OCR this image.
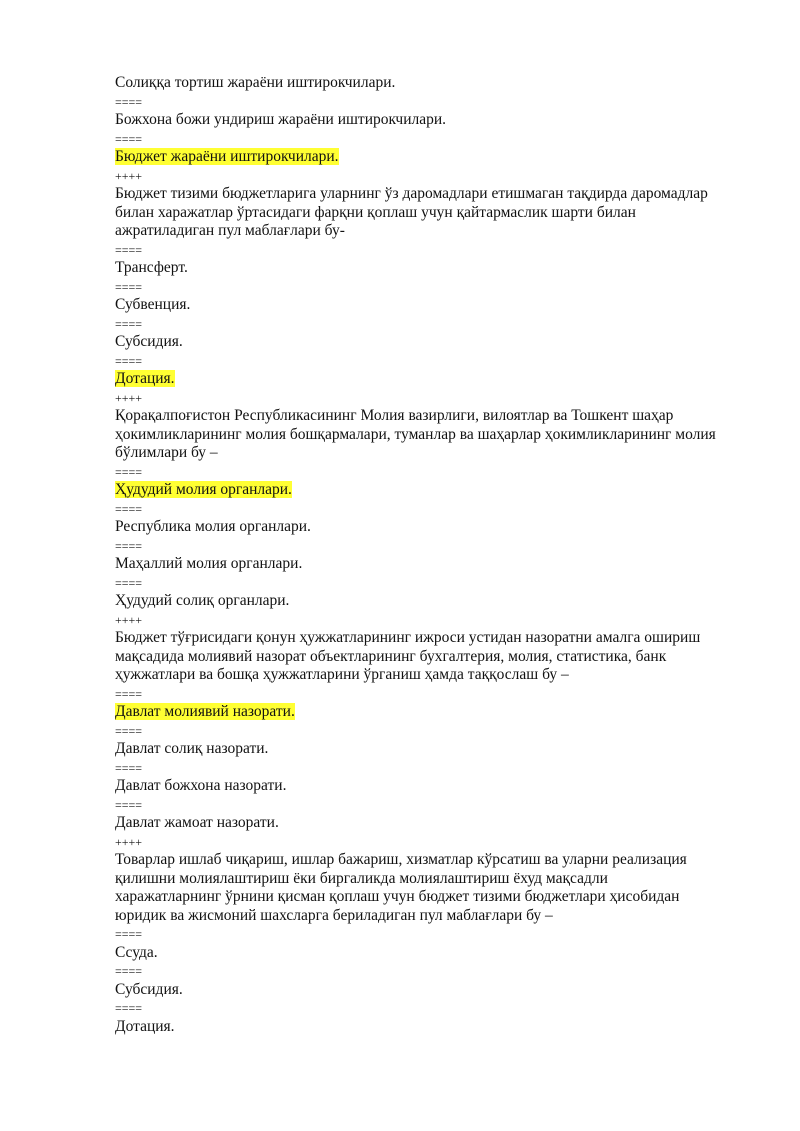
Солиққа тортиш жараёни иштирокчилари.
====
Божхона божи ундириш жараёни иштирокчилари.
====
Бюджет жараёни иштирокчилари.
++++
Бюджет тизими бюджетларига уларнинг ўз даромадлари етишмаган тақдирда даромадлар
билан харажатлар ўртасидаги фарқни қоплаш учун қайтармаслик шарти билан
ажратиладиган пул маблағлари бу-
====
Трансферт.
====
Субвенция.
====
Субсидия.
====
Дотация.
++++
Қорақалпоғистон Республикасининг Молия вазирлиги, вилоятлар ва Тошкент шаҳар
ҳокимликларининг молия бошқармалари, туманлар ва шаҳарлар ҳокимликларининг молия
бўлимлари бу –
====
Ҳудудий молия органлари.
====
Республика молия органлари.
====
Маҳаллий молия органлари.
====
Ҳудудий солиқ органлари.
++++
Бюджет тўғрисидаги қонун ҳужжатларининг ижроси устидан назоратни амалга ошириш
мақсадида молиявий назорат объектларининг бухгалтерия, молия, статистика, банк
ҳужжатлари ва бошқа ҳужжатларини ўрганиш ҳамда таққослаш бу –
====
Давлат молиявий назорати.
====
Давлат солиқ назорати.
====
Давлат божхона назорати.
====
Давлат жамоат назорати.
++++
Товарлар ишлаб чиқариш, ишлар бажариш, хизматлар кўрсатиш ва уларни реализация
қилишни молиялаштириш ёки биргаликда молиялаштириш ёхуд мақсадли
харажатларнинг ўрнини қисман қоплаш учун бюджет тизими бюджетлари ҳисобидан
юридик ва жисмоний шахсларга бериладиган пул маблағлари бу –
====
Ссуда.
====
Субсидия.
====
Дотация.
